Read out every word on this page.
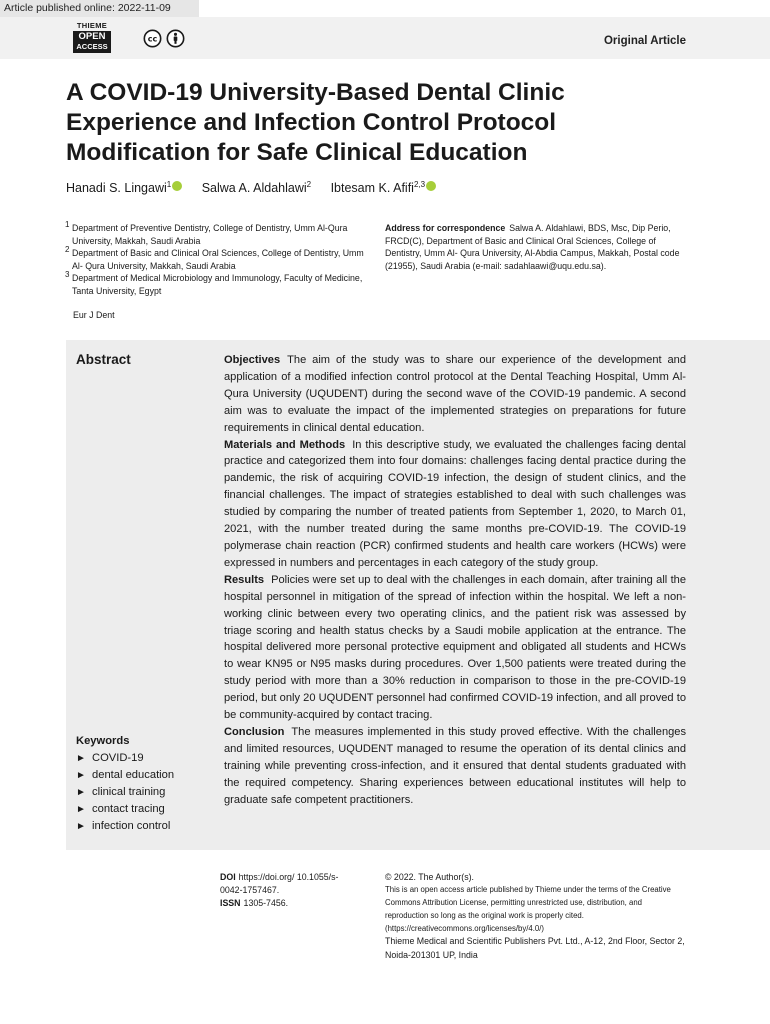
Article published online: 2022-11-09
THIEME
OPEN
ACCESS
cc	Original Article
A COVID-19 University-Based Dental Clinic Experience and Infection Control Protocol Modification for Safe Clinical Education
Hanadi S. Lingawi$^1$ Salwa A. Aldahlawi$^2$ Ibtesam K. Afifi$^{2,3}$
1 Department of Preventive Dentistry, College of Dentistry, Umm Al-Qura University, Makkah, Saudi Arabia
2 Department of Basic and Clinical Oral Sciences, College of Dentistry, Umm Al- Qura University, Makkah, Saudi Arabia
3 Department of Medical Microbiology and Immunology, Faculty of Medicine, Tanta University, Egypt
Address for correspondence Salwa A. Aldahlawi, BDS, Msc, Dip Perio, FRCD(C), Department of Basic and Clinical Oral Sciences, College of Dentistry, Umm Al- Qura University, Al-Abdia Campus, Makkah, Postal code (21955), Saudi Arabia (e-mail: sadahlaawi@uqu.edu.sa).
Eur J Dent
Abstract	Objectives The aim of the study was to share our experience of the development and application of a modified infection control protocol at the Dental Teaching Hospital, Umm Al-Qura University (UQUDENT) during the second wave of the COVID-19 pandemic. A second aim was to evaluate the impact of the implemented strategies on preparations for future requirements in clinical dental education.

Materials and Methods In this descriptive study, we evaluated the challenges facing dental practice and categorized them into four domains: challenges facing dental practice during the pandemic, the risk of acquiring COVID-19 infection, the design of student clinics, and the financial challenges. The impact of strategies established to deal with such challenges was studied by comparing the number of treated patients from September 1, 2020, to March 01, 2021, with the number treated during the same months pre-COVID-19. The COVID-19 polymerase chain reaction (PCR) confirmed students and health care workers (HCWs) were expressed in numbers and percentages in each category of the study group.

Results Policies were set up to deal with the challenges in each domain, after training all the hospital personnel in mitigation of the spread of infection within the hospital. We left a non-working clinic between every two operating clinics, and the patient risk was assessed by triage scoring and health status checks by a Saudi mobile application at the entrance. The hospital delivered more personal protective equipment and obligated all students and HCWs to wear KN95 or N95 masks during procedures. Over 1,500 patients were treated during the study period with more than a 30% reduction in comparison to those in the pre-COVID-19 period, but only 20 UQUDENT personnel had confirmed COVID-19 infection, and all proved to be community-acquired by contact tracing.

Conclusion The measures implemented in this study proved effective. With the challenges and limited resources, UQUDENT managed to resume the operation of its dental clinics and training while preventing cross-infection, and it ensured that dental students graduated with the required competency. Sharing experiences between educational institutes will help to graduate safe competent practitioners.

Keywords
► COVID-19
► dental education
► clinical training
► contact tracing
► infection control
DOI https://doi.org/ 10.1055/s-0042-1757467.
ISSN 1305-7456.
© 2022. The Author(s).
This is an open access article published by Thieme under the terms of the Creative Commons Attribution License, permitting unrestricted use, distribution, and reproduction so long as the original work is properly cited. (https://creativecommons.org/licenses/by/4.0/)
Thieme Medical and Scientific Publishers Pvt. Ltd., A-12, 2nd Floor, Sector 2, Noida-201301 UP, India
